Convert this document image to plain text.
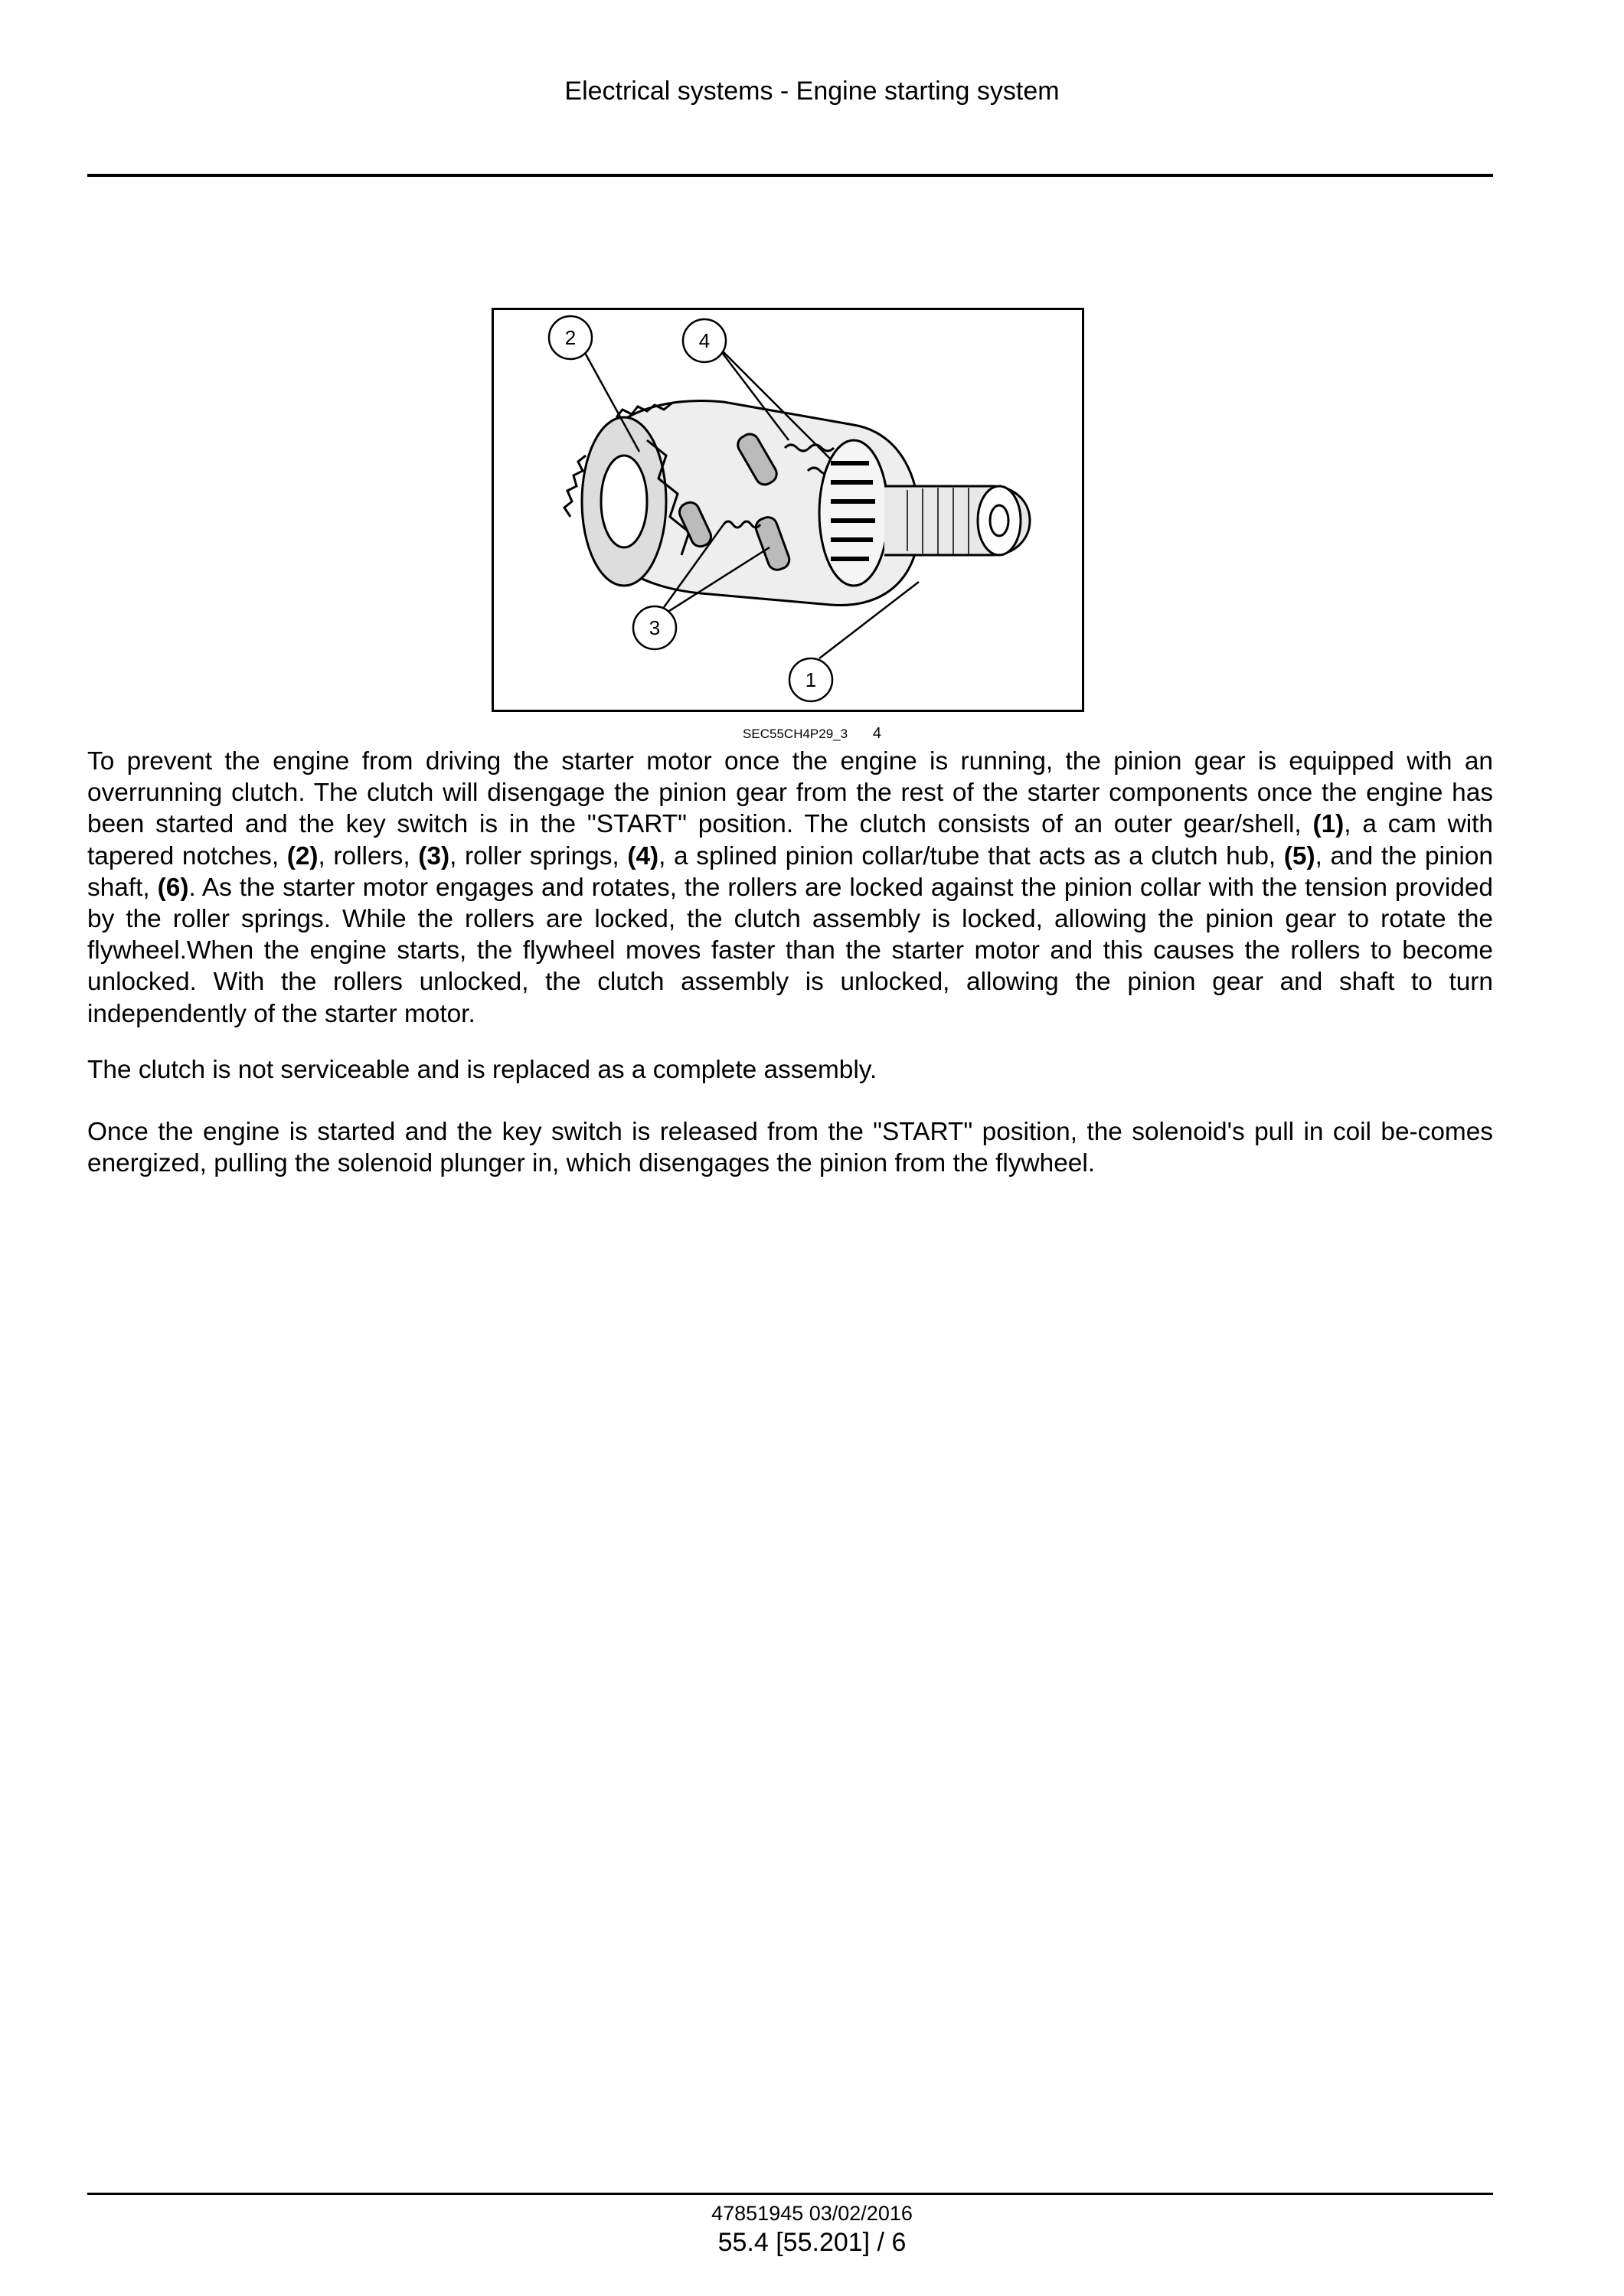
Electrical systems - Engine starting system
2	4
3
1
SEC55CH4P29_3 4
To prevent the engine from driving the starter motor once the engine is running, the pinion gear is equipped with an overrunning clutch. The clutch will disengage the pinion gear from the rest of the starter components once the engine has been started and the key switch is in the "START" position. The clutch consists of an outer gear/shell, (1), a cam with tapered notches, (2), rollers, (3), roller springs, (4), a splined pinion collar/tube that acts as a clutch hub, (5), and the pinion shaft, (6). As the starter motor engages and rotates, the rollers are locked against the pinion collar with the tension provided by the roller springs. While the rollers are locked, the clutch assembly is locked, allowing the pinion gear to rotate the flywheel.When the engine starts, the flywheel moves faster than the starter motor and this causes the rollers to become unlocked. With the rollers unlocked, the clutch assembly is unlocked, allowing the pinion gear and shaft to turn independently of the starter motor.
The clutch is not serviceable and is replaced as a complete assembly.
Once the engine is started and the key switch is released from the "START" position, the solenoid's pull in coil be-comes energized, pulling the solenoid plunger in, which disengages the pinion from the flywheel.
47851945 03/02/2016
55.4 [55.201] / 6
